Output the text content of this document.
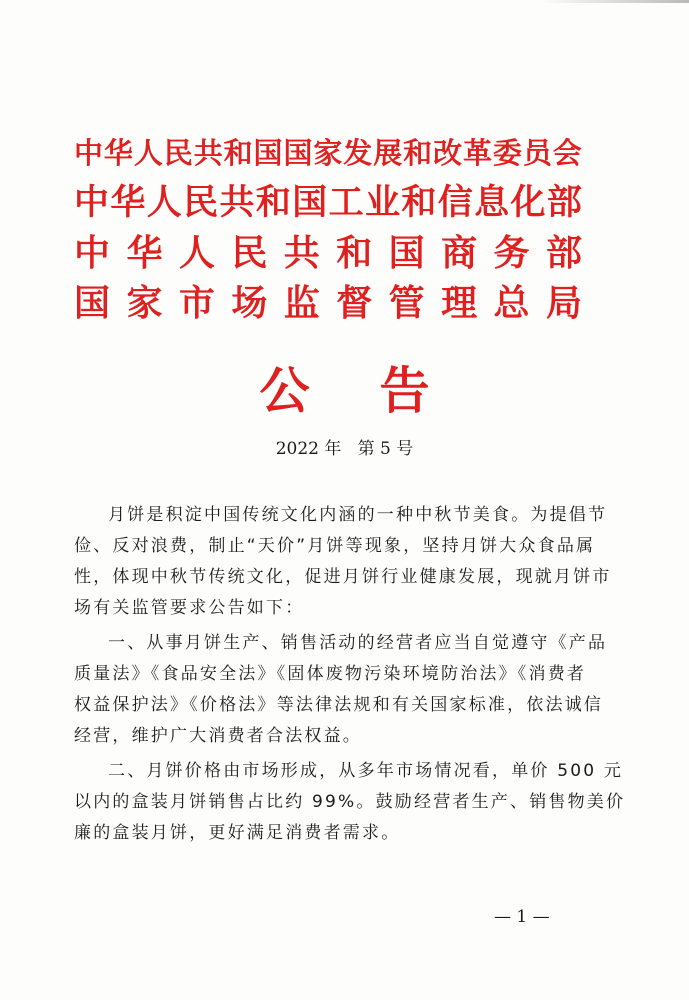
中 华 人 民 共 和 国 国 家 发 展 和 改 革 委 员 会
中 华 人 民 共 和 国 工 业 和 信 息 化 部
中 华 人 民 共 和 国 商 务 部
国 家 市 场 监 督 管 理 总 局
公 告
2022 年   第 5 号
月饼是积淀中国传统文化内涵的一种中秋节美食。为提倡节
俭、反对浪费，制止“天价”月饼等现象，坚持月饼大众食品属
性，体现中秋节传统文化，促进月饼行业健康发展，现就月饼市
场有关监管要求公告如下：
一、从事月饼生产、销售活动的经营者应当自觉遵守《产品
质量法》《食品安全法》《固体废物污染环境防治法》《消费者
权益保护法》《价格法》等法律法规和有关国家标准，依法诚信
经营，维护广大消费者合法权益。
二、月饼价格由市场形成，从多年市场情况看，单价 500 元
以内的盒装月饼销售占比约 99%。鼓励经营者生产、销售物美价
廉的盒装月饼，更好满足消费者需求。
— 1 —
